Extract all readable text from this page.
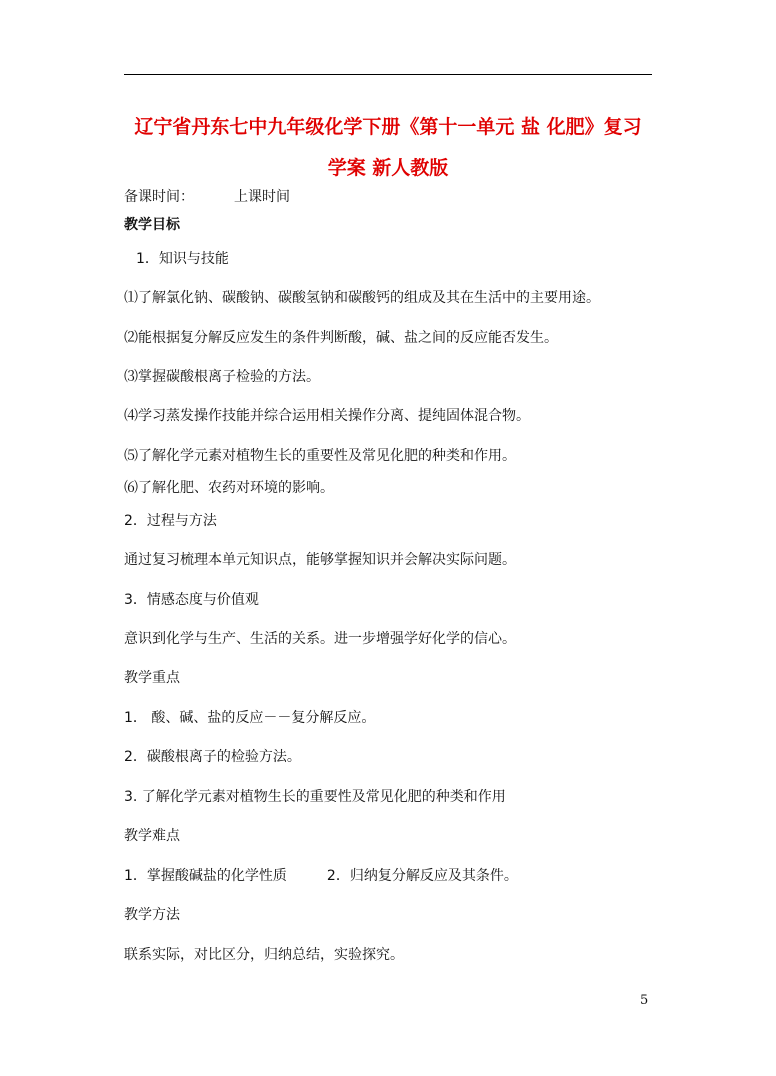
辽宁省丹东七中九年级化学下册《第十一单元 盐 化肥》复习
学案 新人教版
备课时间：	上课时间
教学目标
1．知识与技能
⑴了解氯化钠、碳酸钠、碳酸氢钠和碳酸钙的组成及其在生活中的主要用途。
⑵能根据复分解反应发生的条件判断酸，碱、盐之间的反应能否发生。
⑶掌握碳酸根离子检验的方法。
⑷学习蒸发操作技能并综合运用相关操作分离、提纯固体混合物。
⑸了解化学元素对植物生长的重要性及常见化肥的种类和作用。
⑹了解化肥、农药对环境的影响。
2．过程与方法
通过复习梳理本单元知识点，能够掌握知识并会解决实际问题。
3．情感态度与价值观
意识到化学与生产、生活的关系。进一步增强学好化学的信心。
教学重点
1． 酸、碱、盐的反应－－复分解反应。
2．碳酸根离子的检验方法。
3. 了解化学元素对植物生长的重要性及常见化肥的种类和作用
教学难点
1．掌握酸碱盐的化学性质	2．归纳复分解反应及其条件。
教学方法
联系实际，对比区分，归纳总结，实验探究。
5
